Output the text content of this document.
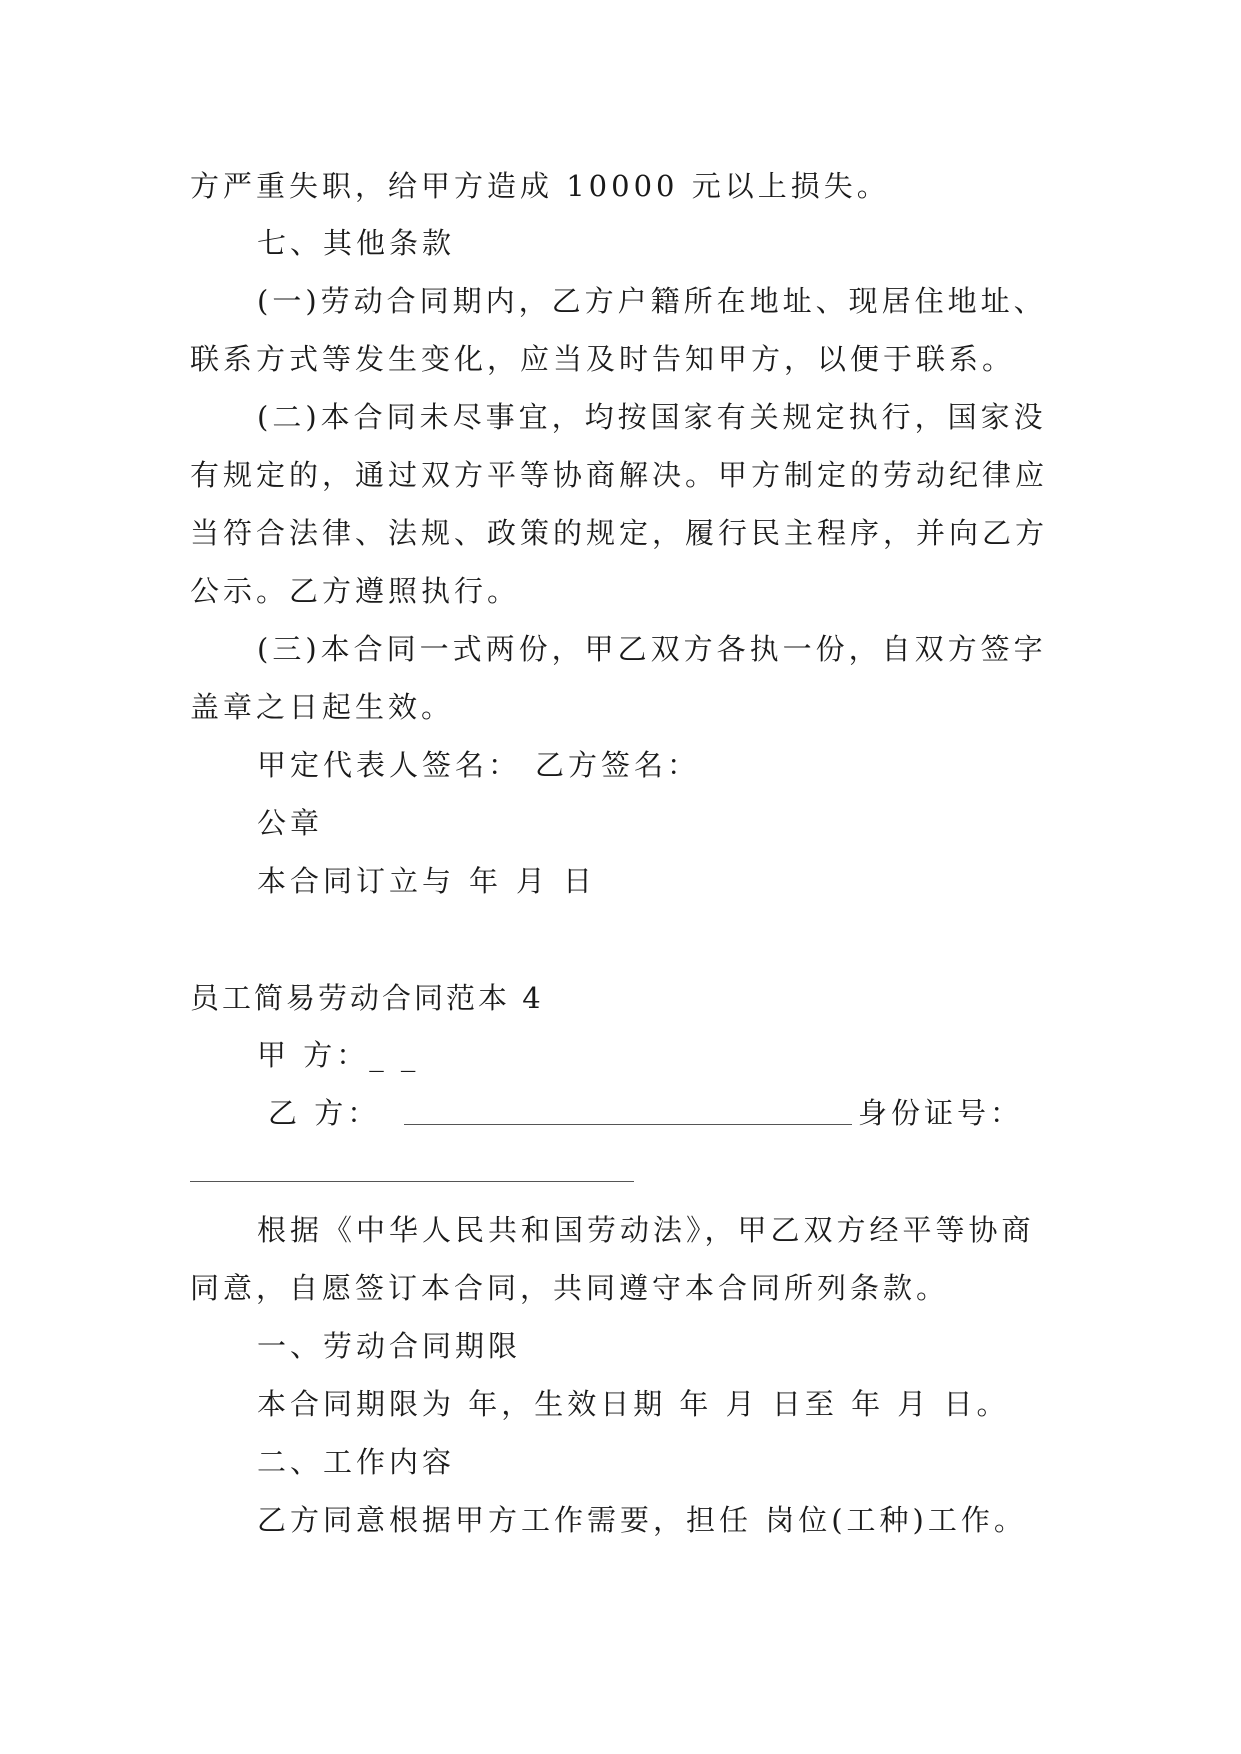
方严重失职，给甲方造成 10000 元以上损失。
七、其他条款
(一)劳动合同期内，乙方户籍所在地址、现居住地址、
联系方式等发生变化，应当及时告知甲方，以便于联系。
(二)本合同未尽事宜，均按国家有关规定执行，国家没
有规定的，通过双方平等协商解决。甲方制定的劳动纪律应
当符合法律、法规、政策的规定，履行民主程序，并向乙方
公示。乙方遵照执行。
(三)本合同一式两份，甲乙双方各执一份，自双方签字
盖章之日起生效。
甲定代表人签名： 乙方签名：
公章
本合同订立与 年 月 日
员工简易劳动合同范本 4
甲 方：_ _
乙 方：	身份证号：
根据《中华人民共和国劳动法》，甲乙双方经平等协商
同意，自愿签订本合同，共同遵守本合同所列条款。
一、劳动合同期限
本合同期限为 年，生效日期 年 月 日至 年 月 日。
二、工作内容
乙方同意根据甲方工作需要，担任 岗位(工种)工作。
